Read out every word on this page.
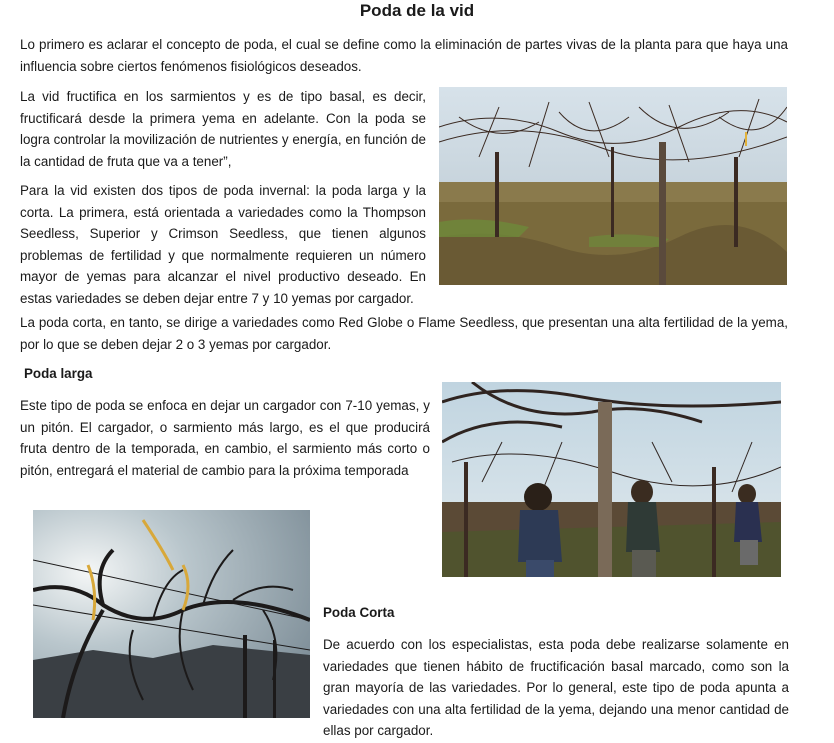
Poda de la vid

Lo primero es aclarar el concepto de poda, el cual se define como la eliminación de partes vivas de la planta para que haya una influencia sobre ciertos fenómenos fisiológicos deseados.

La vid fructifica en los sarmientos y es de tipo basal, es decir, fructificará desde la primera yema en adelante. Con la poda se logra controlar la movilización de nutrientes y energía, en función de la cantidad de fruta que va a tener”,

Para la vid existen dos tipos de poda invernal: la poda larga y la corta. La primera, está orientada a variedades como la Thompson Seedless, Superior y Crimson Seedless, que tienen algunos problemas de fertilidad y que normalmente requieren un número mayor de yemas para alcanzar el nivel productivo deseado. En estas variedades se deben dejar entre 7 y 10 yemas por cargador.

La poda corta, en tanto, se dirige a variedades como Red Globe o Flame Seedless, que presentan una alta fertilidad de la yema, por lo que se deben dejar 2 o 3 yemas por cargador.

Poda larga

Este tipo de poda se enfoca en dejar un cargador con 7-10 yemas, y un pitón. El cargador, o sarmiento más largo, es el que producirá fruta dentro de la temporada, en cambio, el sarmiento más corto o pitón, entregará el material de cambio para la próxima temporada

Poda Corta

De acuerdo con los especialistas, esta poda debe realizarse solamente en variedades que tienen hábito de fructificación basal marcado, como son la gran mayoría de las variedades. Por lo general, este tipo de poda apunta a variedades con una alta fertilidad de la yema, dejando una menor cantidad de ellas por cargador.
